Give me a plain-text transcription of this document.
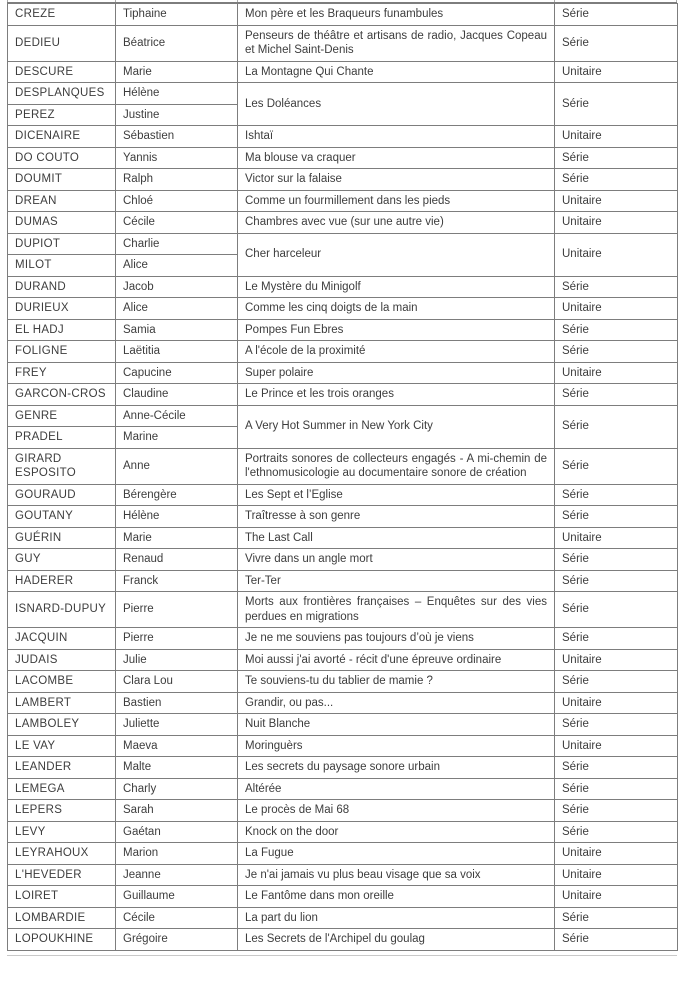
CREZE	Tiphaine	Mon père et les Braqueurs funambules	Série
DEDIEU	Béatrice	Penseurs de théâtre et artisans de radio, Jacques Copeau et Michel Saint-Denis	Série
DESCURE	Marie	La Montagne Qui Chante	Unitaire
DESPLANQUES	Hélène	Les Doléances	Série
PEREZ	Justine		
DICENAIRE	Sébastien	Ishtaï	Unitaire
DO COUTO	Yannis	Ma blouse va craquer	Série
DOUMIT	Ralph	Victor sur la falaise	Série
DREAN	Chloé	Comme un fourmillement dans les pieds	Unitaire
DUMAS	Cécile	Chambres avec vue (sur une autre vie)	Unitaire
DUPIOT	Charlie	Cher harceleur	Unitaire
MILOT	Alice		
DURAND	Jacob	Le Mystère du Minigolf	Série
DURIEUX	Alice	Comme les cinq doigts de la main	Unitaire
EL HADJ	Samia	Pompes Fun Ebres	Série
FOLIGNE	Laëtitia	A l'école de la proximité	Série
FREY	Capucine	Super polaire	Unitaire
GARCON-CROS	Claudine	Le Prince et les trois oranges	Série
GENRE	Anne-Cécile	A Very Hot Summer in New York City	Série
PRADEL	Marine		
GIRARD ESPOSITO	Anne	Portraits sonores de collecteurs engagés - A mi-chemin de l'ethnomusicologie au documentaire sonore de création	Série
GOURAUD	Bérengère	Les Sept et l’Eglise	Série
GOUTANY	Hélène	Traîtresse à son genre	Série
GUÉRIN	Marie	The Last Call	Unitaire
GUY	Renaud	Vivre dans un angle mort	Série
HADERER	Franck	Ter-Ter	Série
ISNARD-DUPUY	Pierre	Morts aux frontières françaises – Enquêtes sur des vies perdues en migrations	Série
JACQUIN	Pierre	Je ne me souviens pas toujours d’où je viens	Série
JUDAIS	Julie	Moi aussi j'ai avorté - récit d'une épreuve ordinaire	Unitaire
LACOMBE	Clara Lou	Te souviens-tu du tablier de mamie ?	Série
LAMBERT	Bastien	Grandir, ou pas...	Unitaire
LAMBOLEY	Juliette	Nuit Blanche	Série
LE VAY	Maeva	Moringuèrs	Unitaire
LEANDER	Malte	Les secrets du paysage sonore urbain	Série
LEMEGA	Charly	Altérée	Série
LEPERS	Sarah	Le procès de Mai 68	Série
LEVY	Gaétan	Knock on the door	Série
LEYRAHOUX	Marion	La Fugue	Unitaire
L'HEVEDER	Jeanne	Je n'ai jamais vu plus beau visage que sa voix	Unitaire
LOIRET	Guillaume	Le Fantôme dans mon oreille	Unitaire
LOMBARDIE	Cécile	La part du lion	Série
LOPOUKHINE	Grégoire	Les Secrets de l'Archipel du goulag	Série
